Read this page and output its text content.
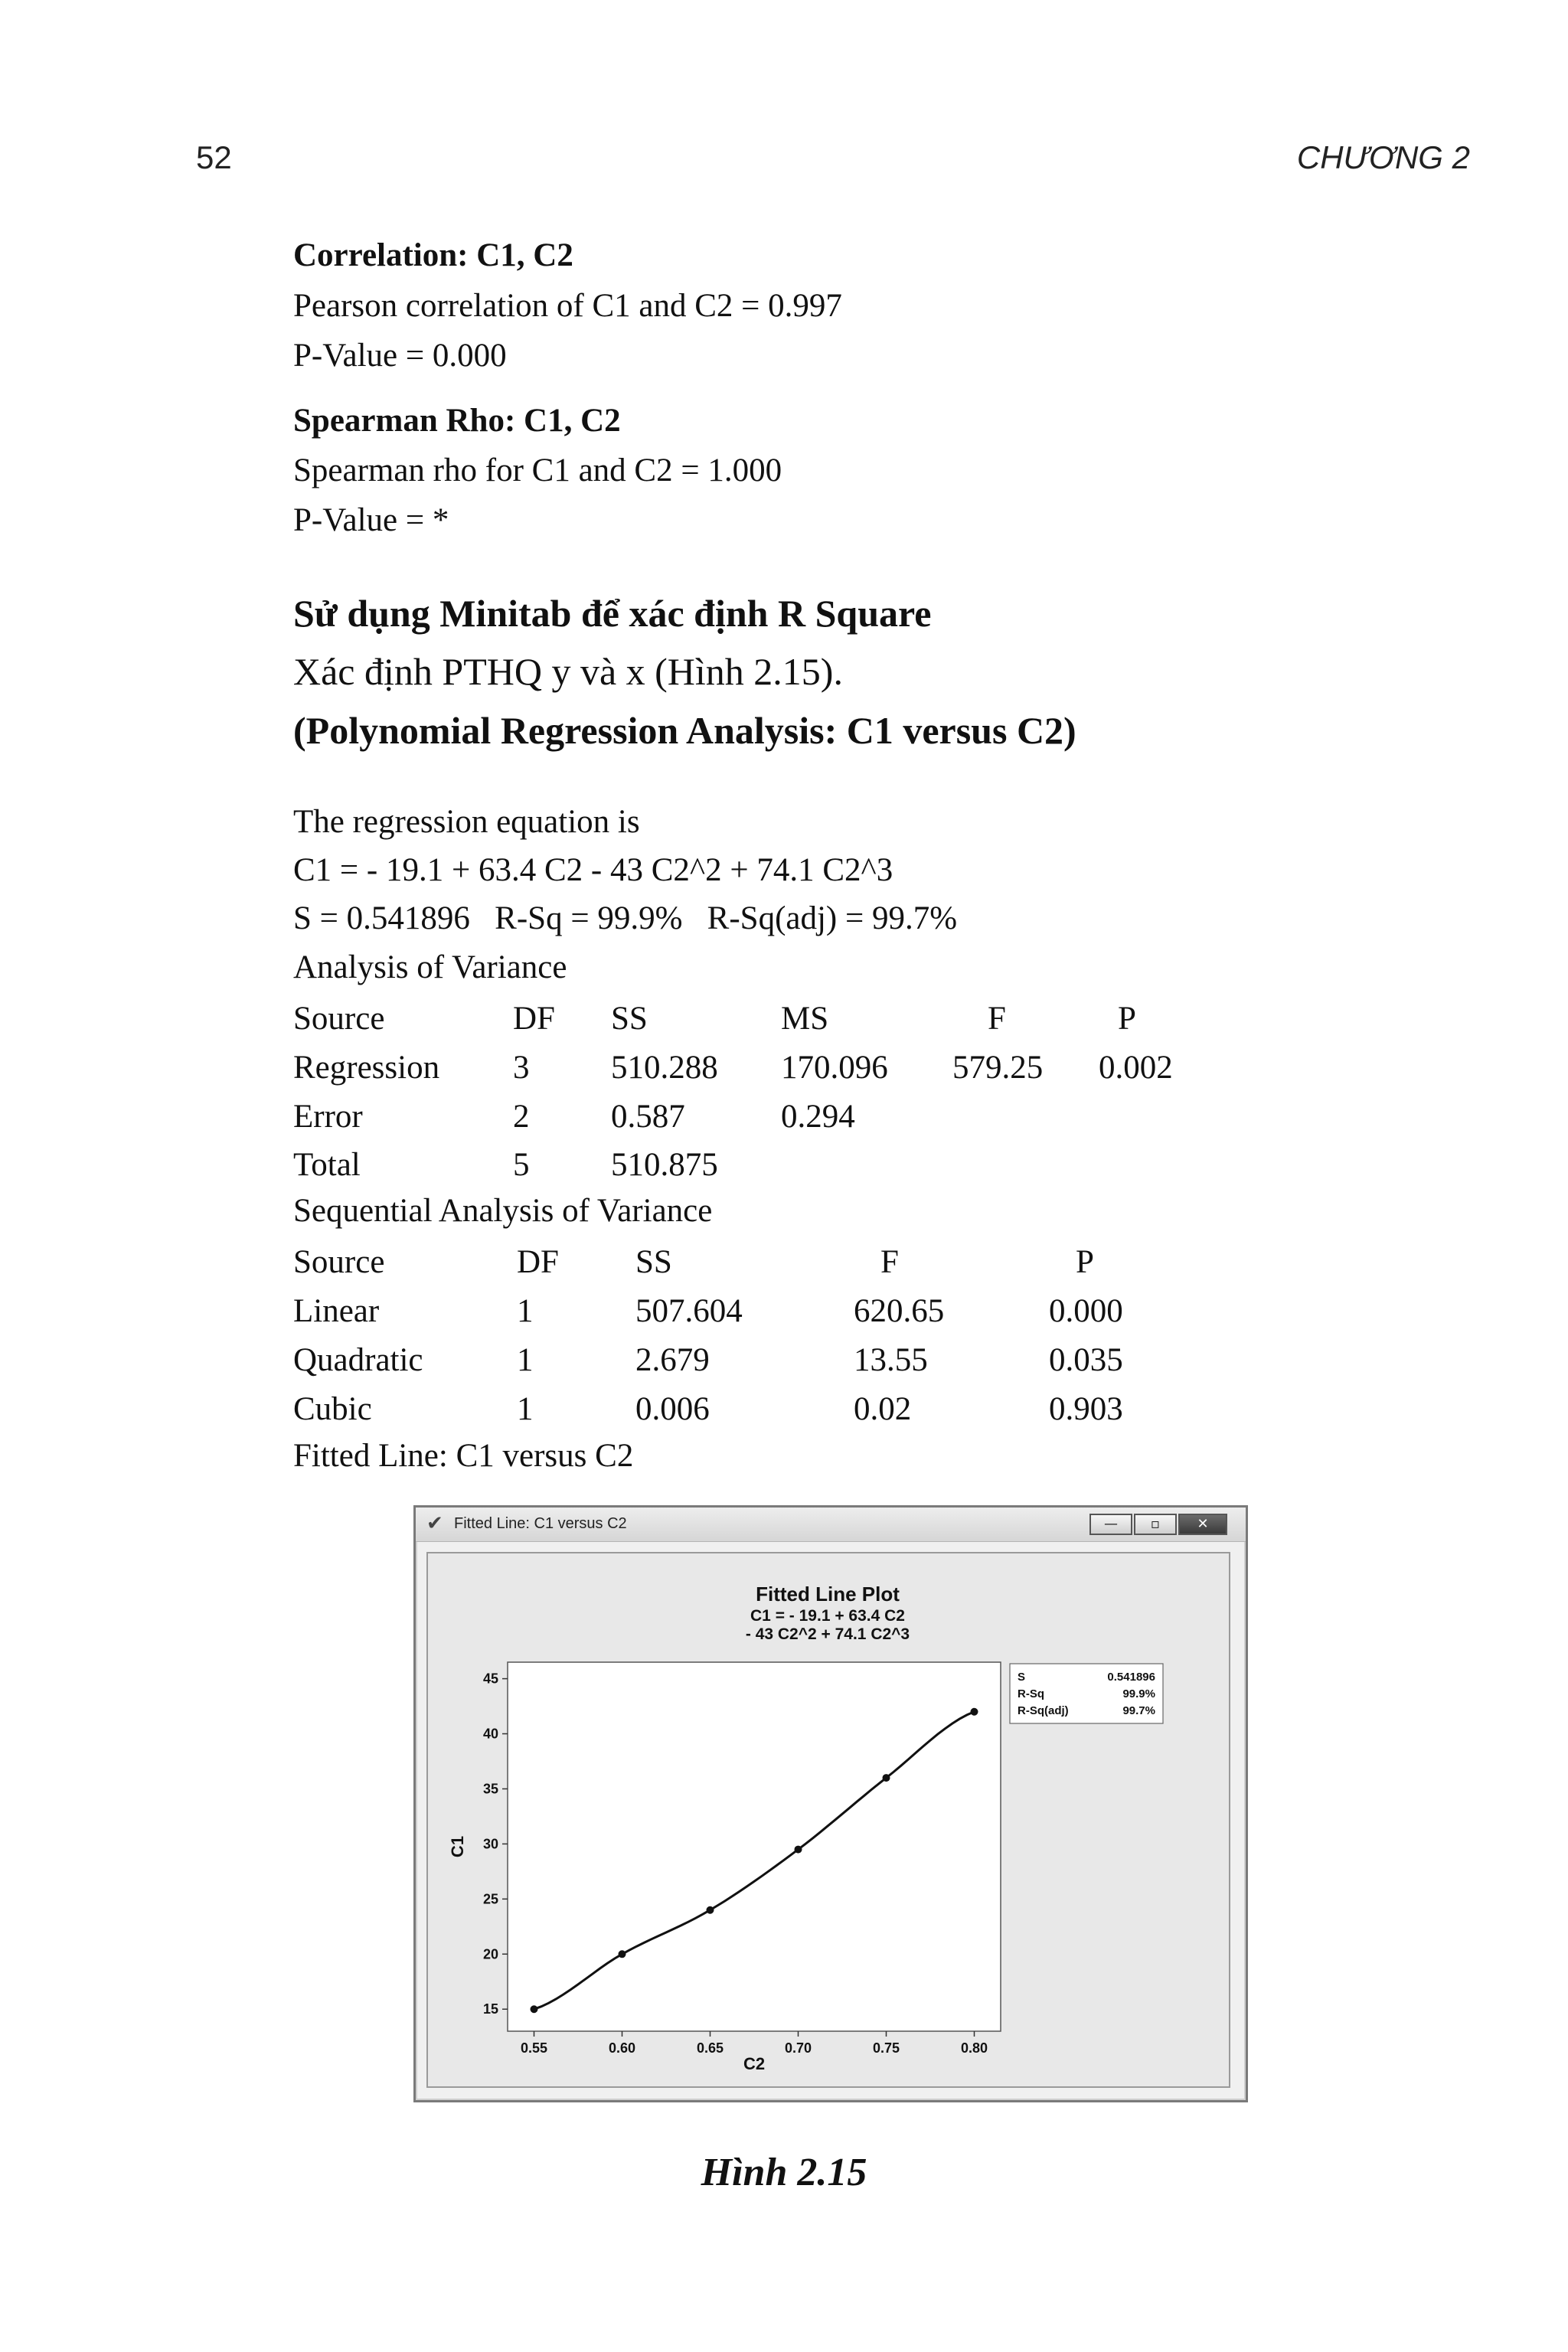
52	CHƯƠNG 2
Correlation: C1, C2
Pearson correlation of C1 and C2 = 0.997
P-Value = 0.000
Spearman Rho: C1, C2
Spearman rho for C1 and C2 = 1.000
P-Value = *
Sử dụng Minitab để xác định R Square
Xác định PTHQ y và x (Hình 2.15).
(Polynomial Regression Analysis: C1 versus C2)
The regression equation is
C1 = - 19.1 + 63.4 C2 - 43 C2^2 + 74.1 C2^3
S = 0.541896   R-Sq = 99.9%   R-Sq(adj) = 99.7%
Analysis of Variance
Source	DF SS	MS	F	P
Regression 3 510.288 170.096 579.25 0.002
Error	2 0.587	0.294
Total	5 510.875
Sequential Analysis of Variance
Source	DF SS	F	P
Linear	1	507.604	620.65	0.000
Quadratic	1	2.679	13.55	0.035
Cubic	1	0.006	0.02	0.903
Fitted Line: C1 versus C2
✔ Fitted Line: C1 versus C2	—	▫	✕
Fitted Line Plot
C1 = - 19.1 + 63.4 C2
- 43 C2^2 + 74.1 C2^3
15
20
25
30
35
40
45
0.55	0.60	0.65	0.70	0.75	0.80
C2
C1
S	0.541896
R-Sq	99.9%
R-Sq(adj)	99.7%
Hình 2.15
